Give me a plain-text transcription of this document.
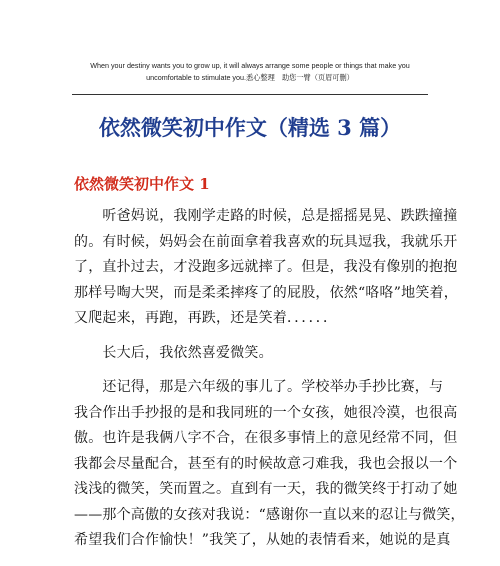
When your destiny wants you to grow up, it will always arrange some people or things that make you
uncomfortable to stimulate you.悉心整理　助您一臂（页眉可删）
依然微笑初中作文（精选 3 篇）
依然微笑初中作文 1
　　听爸妈说，我刚学走路的时候，总是摇摇晃晃、跌跌撞撞
的。有时候，妈妈会在前面拿着我喜欢的玩具逗我，我就乐开
了，直扑过去，才没跑多远就摔了。但是，我没有像别的抱抱
那样号啕大哭，而是柔柔摔疼了的屁股，依然“咯咯”地笑着，
又爬起来，再跑，再跌，还是笑着．．．．．．
　　长大后，我依然喜爱微笑。
　　还记得，那是六年级的事儿了。学校举办手抄比赛，与
我合作出手抄报的是和我同班的一个女孩，她很冷漠，也很高
傲。也许是我俩八字不合，在很多事情上的意见经常不同，但
我都会尽量配合，甚至有的时候故意刁难我，我也会报以一个
浅浅的微笑，笑而置之。直到有一天，我的微笑终于打动了她
——那个高傲的女孩对我说：“感谢你一直以来的忍让与微笑，
希望我们合作愉快！”我笑了，从她的表情看来，她说的是真
